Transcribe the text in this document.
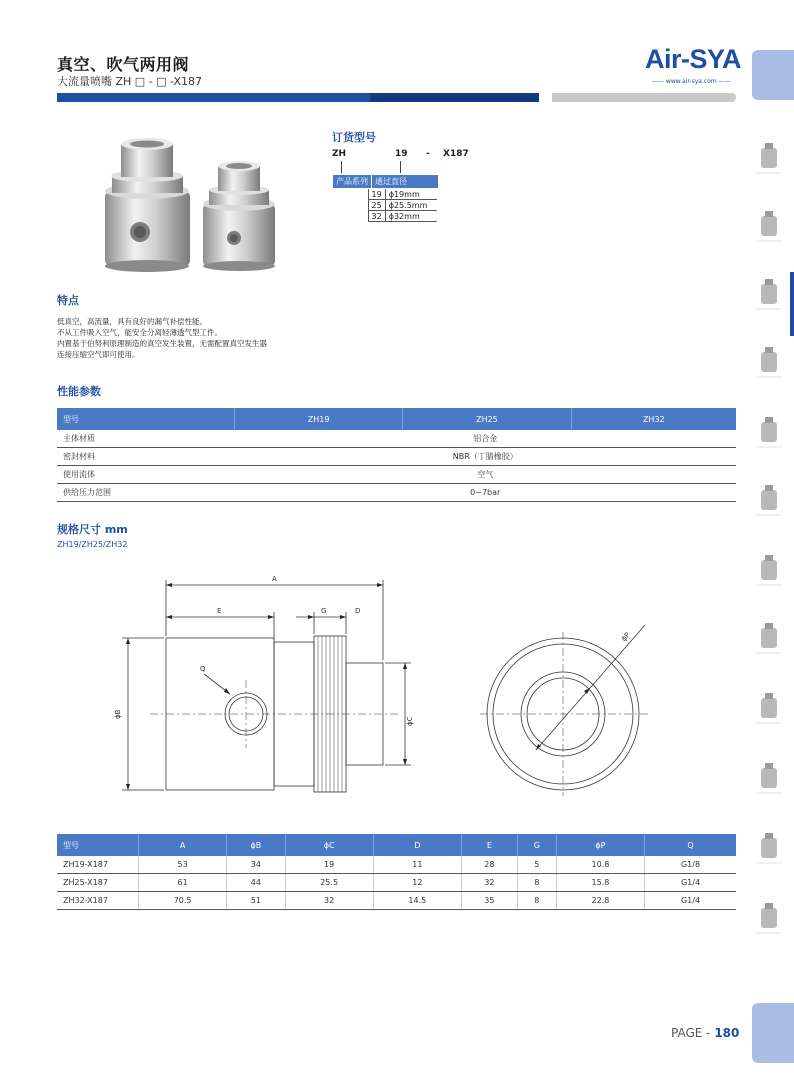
真空、吹气两用阀
大流量喷嘴 ZH □ - □ -X187
Air-SYA
—— www.air-sya.com ——
订货型号
ZH	19 - X187
产品系列	通过直径

19	ϕ19mm
25	ϕ25.5mm
32	ϕ32mm
特点
低真空，高流量，具有良好的漏气补偿性能。
不从工件吸入空气，能安全分离轻薄透气型工件。
内置基于伯努利原理制造的真空发生装置，无需配置真空发生器
连接压缩空气即可使用。
性能参数
型号	ZH19	ZH25	ZH32
主体材质	铝合金		
密封材料	NBR（丁腈橡胶）		
使用流体	空气		
供给压力范围	0~7bar		
规格尺寸 mm
ZH19/ZH25/ZH32
A
E	G	D
Q
ϕB
ϕC
ϕP
型号	A	ϕB	ϕC	D	E	G	ϕP	Q
ZH19-X187	53	34	19	11	28	5	10.8	G1/8
ZH25-X187	61	44	25.5	12	32	8	15.8	G1/4
ZH32-X187	70.5	51	32	14.5	35	8	22.8	G1/4
PAGE - 180
